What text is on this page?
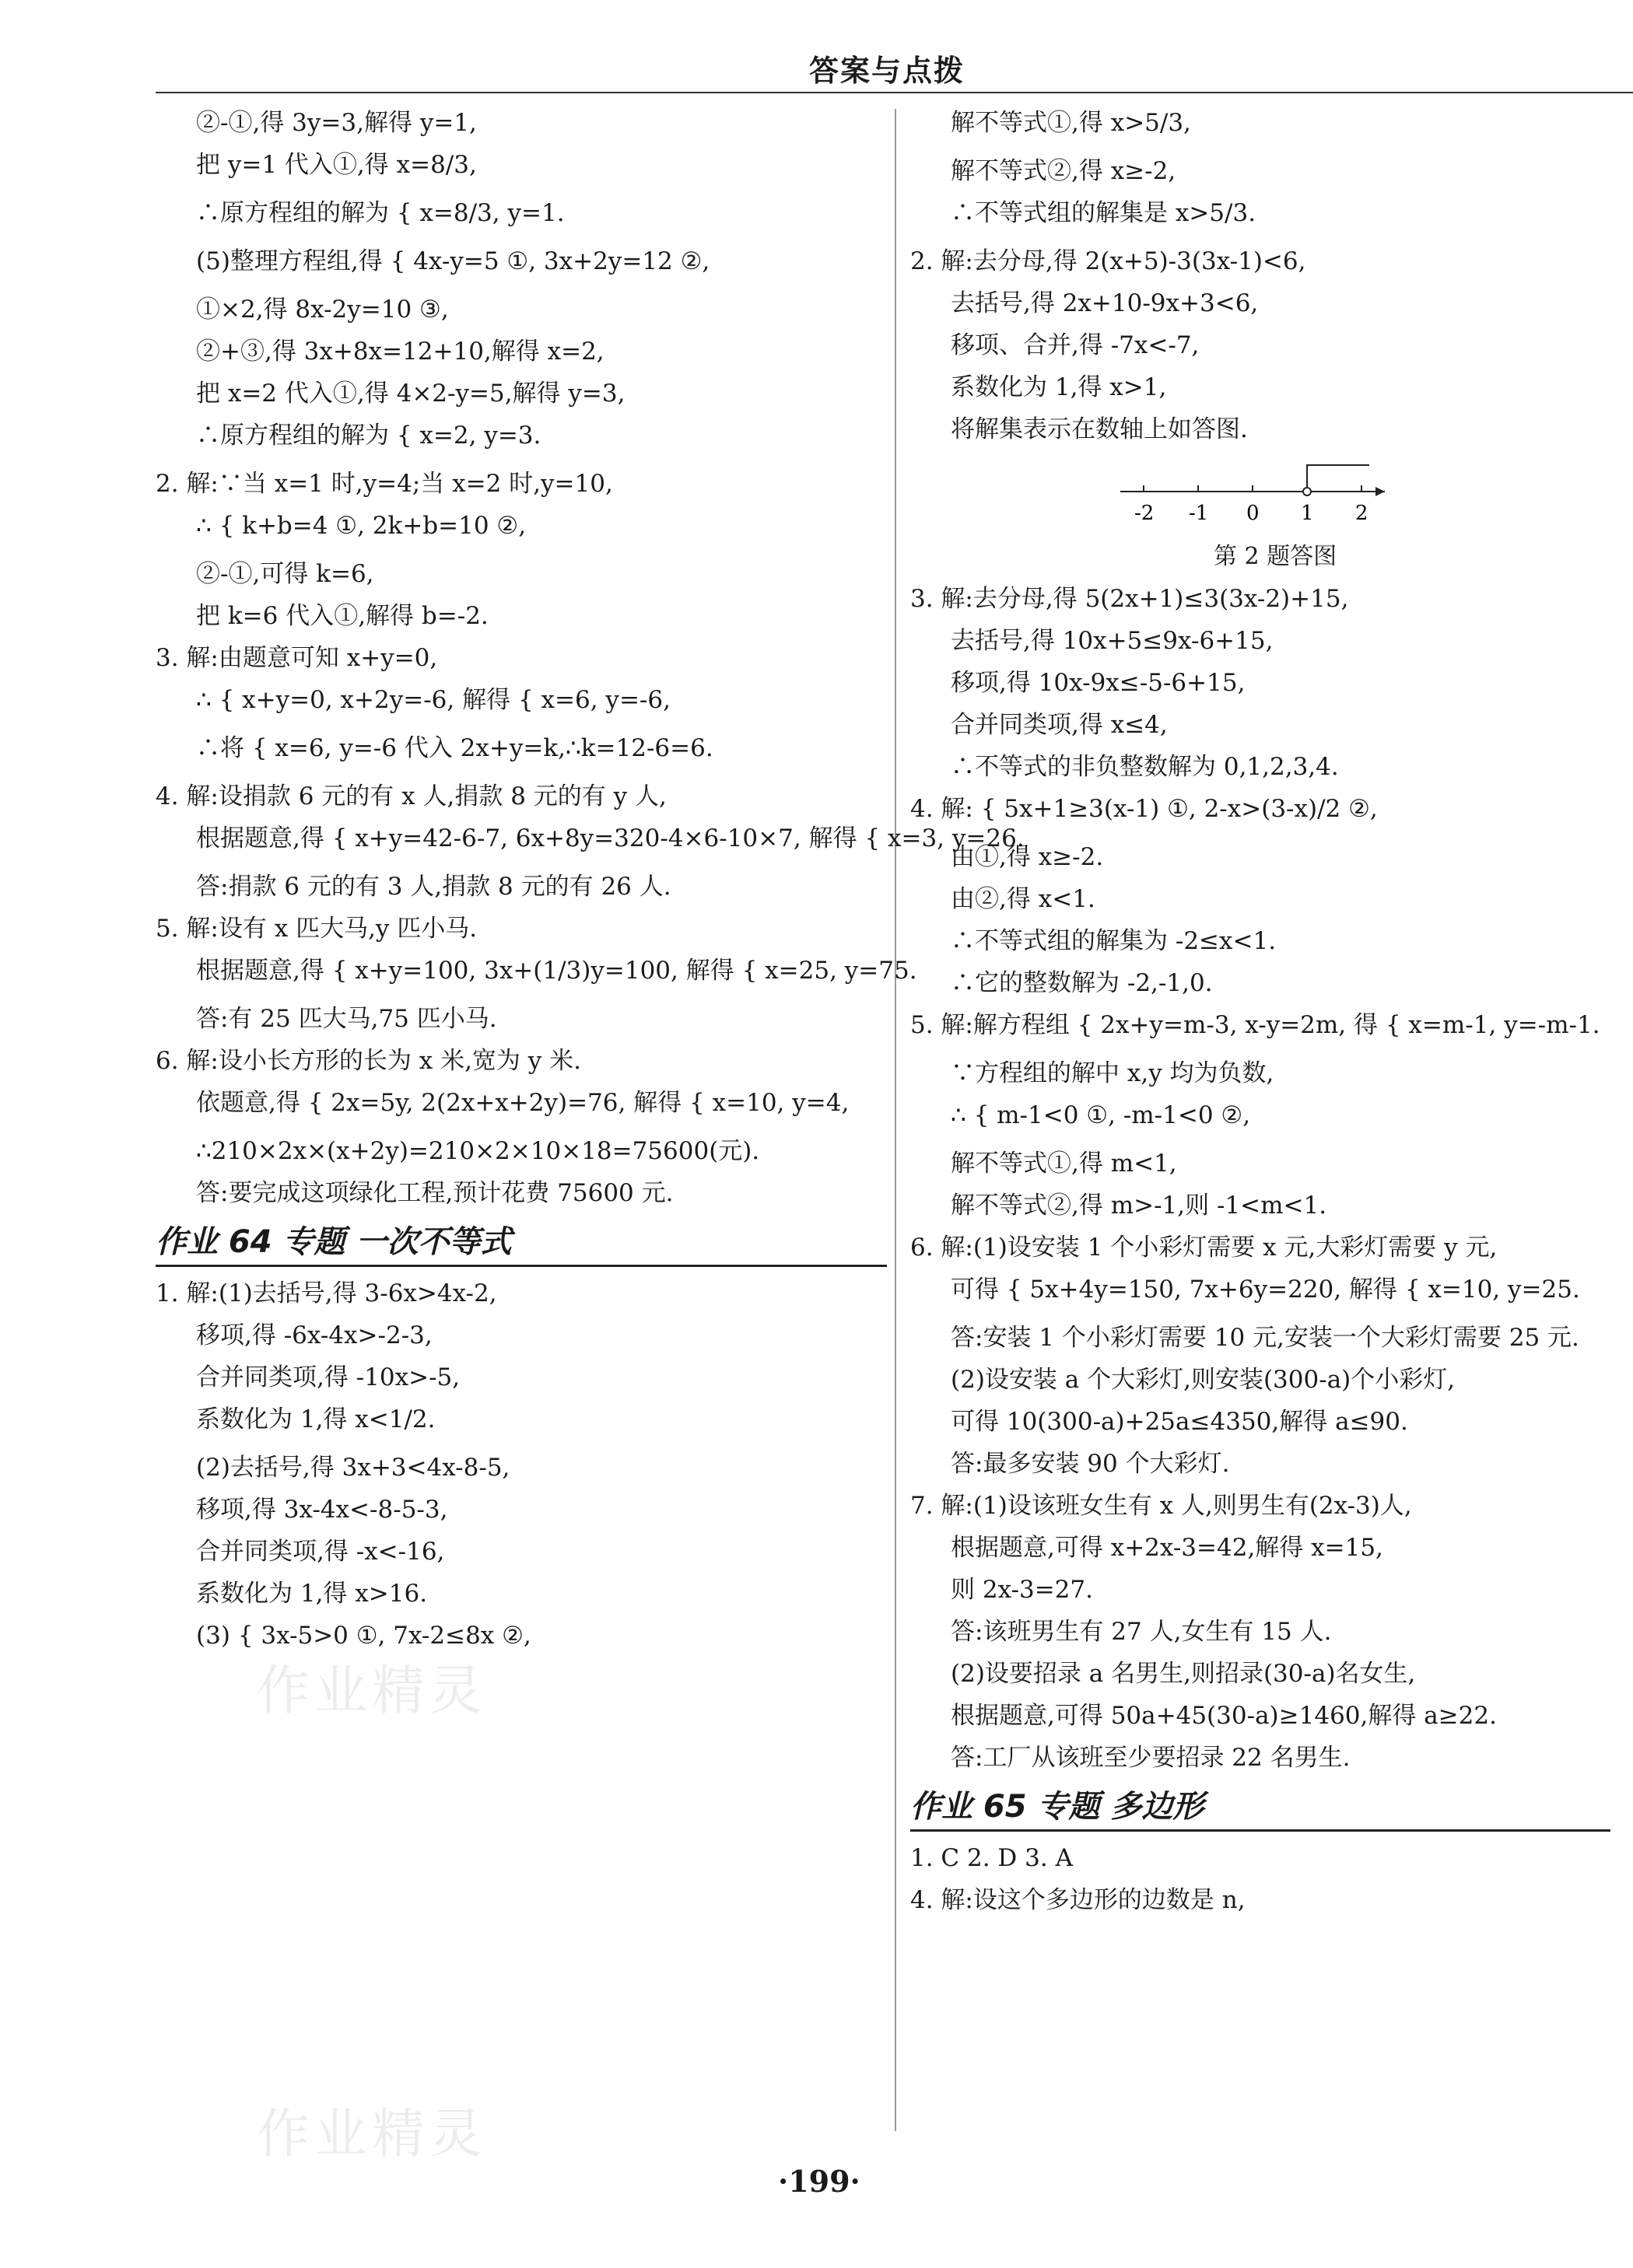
答案与点拨
②-①,得 3y=3,解得 y=1,
把 y=1 代入①,得 x=8/3,
∴原方程组的解为 { x=8/3, y=1.
(5)整理方程组,得 { 4x-y=5 ①, 3x+2y=12 ②,
①×2,得 8x-2y=10 ③,
②+③,得 3x+8x=12+10,解得 x=2,
把 x=2 代入①,得 4×2-y=5,解得 y=3,
∴原方程组的解为 { x=2, y=3.
2. 解:∵当 x=1 时,y=4;当 x=2 时,y=10,
∴ { k+b=4 ①, 2k+b=10 ②,
②-①,可得 k=6,
把 k=6 代入①,解得 b=-2.
3. 解:由题意可知 x+y=0,
∴ { x+y=0, x+2y=-6, 解得 { x=6, y=-6,
∴将 { x=6, y=-6 代入 2x+y=k,∴k=12-6=6.
4. 解:设捐款 6 元的有 x 人,捐款 8 元的有 y 人,
根据题意,得 { x+y=42-6-7, 6x+8y=320-4×6-10×7, 解得 { x=3, y=26.
答:捐款 6 元的有 3 人,捐款 8 元的有 26 人.
5. 解:设有 x 匹大马,y 匹小马.
根据题意,得 { x+y=100, 3x+(1/3)y=100, 解得 { x=25, y=75.
答:有 25 匹大马,75 匹小马.
6. 解:设小长方形的长为 x 米,宽为 y 米.
依题意,得 { 2x=5y, 2(2x+x+2y)=76, 解得 { x=10, y=4,
∴210×2x×(x+2y)=210×2×10×18=75600(元).
答:要完成这项绿化工程,预计花费 75600 元.
作业 64 专题 一次不等式
1. 解:(1)去括号,得 3-6x>4x-2,
移项,得 -6x-4x>-2-3,
合并同类项,得 -10x>-5,
系数化为 1,得 x<1/2.
(2)去括号,得 3x+3<4x-8-5,
移项,得 3x-4x<-8-5-3,
合并同类项,得 -x<-16,
系数化为 1,得 x>16.
(3) { 3x-5>0 ①, 7x-2≤8x ②,
解不等式①,得 x>5/3,
解不等式②,得 x≥-2,
∴不等式组的解集是 x>5/3.
2. 解:去分母,得 2(x+5)-3(3x-1)<6,
去括号,得 2x+10-9x+3<6,
移项、合并,得 -7x<-7,
系数化为 1,得 x>1,
将解集表示在数轴上如答图.
-2 -1 0 1 2
第 2 题答图
3. 解:去分母,得 5(2x+1)≤3(3x-2)+15,
去括号,得 10x+5≤9x-6+15,
移项,得 10x-9x≤-5-6+15,
合并同类项,得 x≤4,
∴不等式的非负整数解为 0,1,2,3,4.
4. 解: { 5x+1≥3(x-1) ①, 2-x>(3-x)/2 ②,
由①,得 x≥-2.
由②,得 x<1.
∴不等式组的解集为 -2≤x<1.
∴它的整数解为 -2,-1,0.
5. 解:解方程组 { 2x+y=m-3, x-y=2m, 得 { x=m-1, y=-m-1.
∵方程组的解中 x,y 均为负数,
∴ { m-1<0 ①, -m-1<0 ②,
解不等式①,得 m<1,
解不等式②,得 m>-1,则 -1<m<1.
6. 解:(1)设安装 1 个小彩灯需要 x 元,大彩灯需要 y 元,
可得 { 5x+4y=150, 7x+6y=220, 解得 { x=10, y=25.
答:安装 1 个小彩灯需要 10 元,安装一个大彩灯需要 25 元.
(2)设安装 a 个大彩灯,则安装(300-a)个小彩灯,
可得 10(300-a)+25a≤4350,解得 a≤90.
答:最多安装 90 个大彩灯.
7. 解:(1)设该班女生有 x 人,则男生有(2x-3)人,
根据题意,可得 x+2x-3=42,解得 x=15,
则 2x-3=27.
答:该班男生有 27 人,女生有 15 人.
(2)设要招录 a 名男生,则招录(30-a)名女生,
根据题意,可得 50a+45(30-a)≥1460,解得 a≥22.
答:工厂从该班至少要招录 22 名男生.
作业 65 专题 多边形
1. C 2. D 3. A
4. 解:设这个多边形的边数是 n,
作业精灵
作业精灵
·199·
